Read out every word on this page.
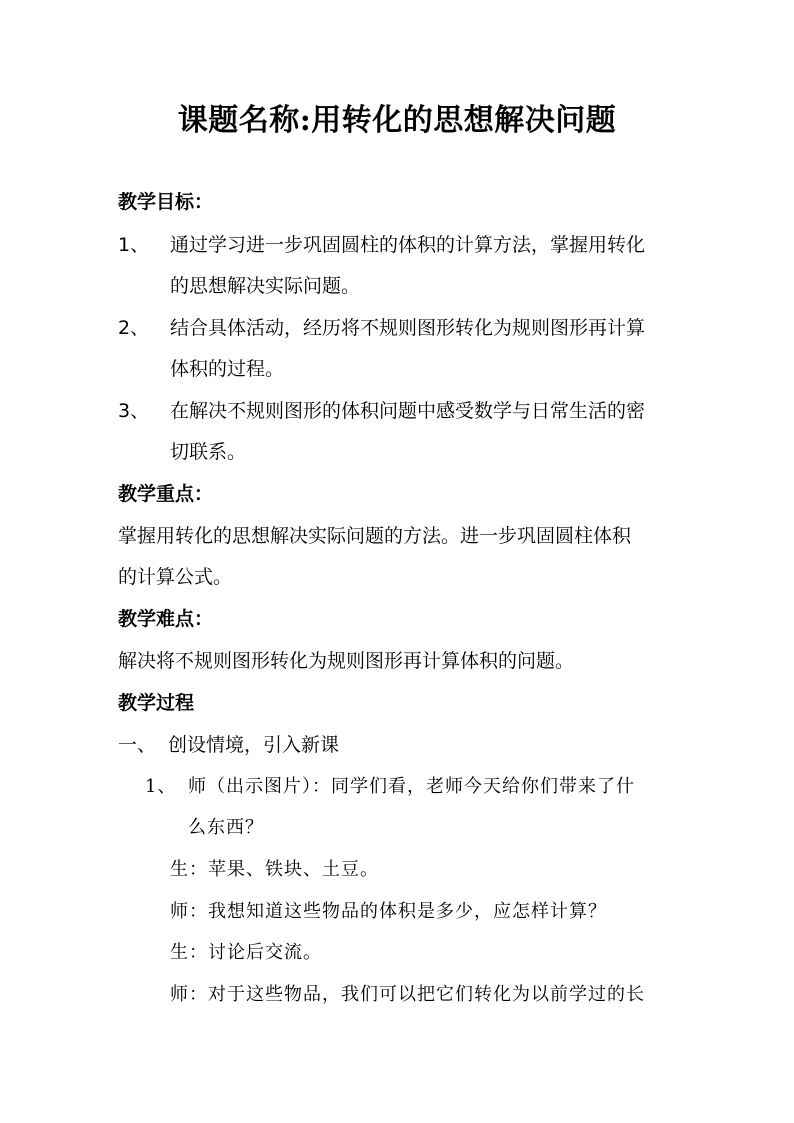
课题名称:用转化的思想解决问题
教学目标：
1、 通过学习进一步巩固圆柱的体积的计算方法，掌握用转化
的思想解决实际问题。
2、 结合具体活动，经历将不规则图形转化为规则图形再计算
体积的过程。
3、 在解决不规则图形的体积问题中感受数学与日常生活的密
切联系。
教学重点：
掌握用转化的思想解决实际问题的方法。进一步巩固圆柱体积
的计算公式。
教学难点：
解决将不规则图形转化为规则图形再计算体积的问题。
教学过程
一、 创设情境，引入新课
1、 师（出示图片）：同学们看，老师今天给你们带来了什
么东西？
生：苹果、铁块、土豆。
师：我想知道这些物品的体积是多少，应怎样计算？
生：讨论后交流。
师：对于这些物品，我们可以把它们转化为以前学过的长
